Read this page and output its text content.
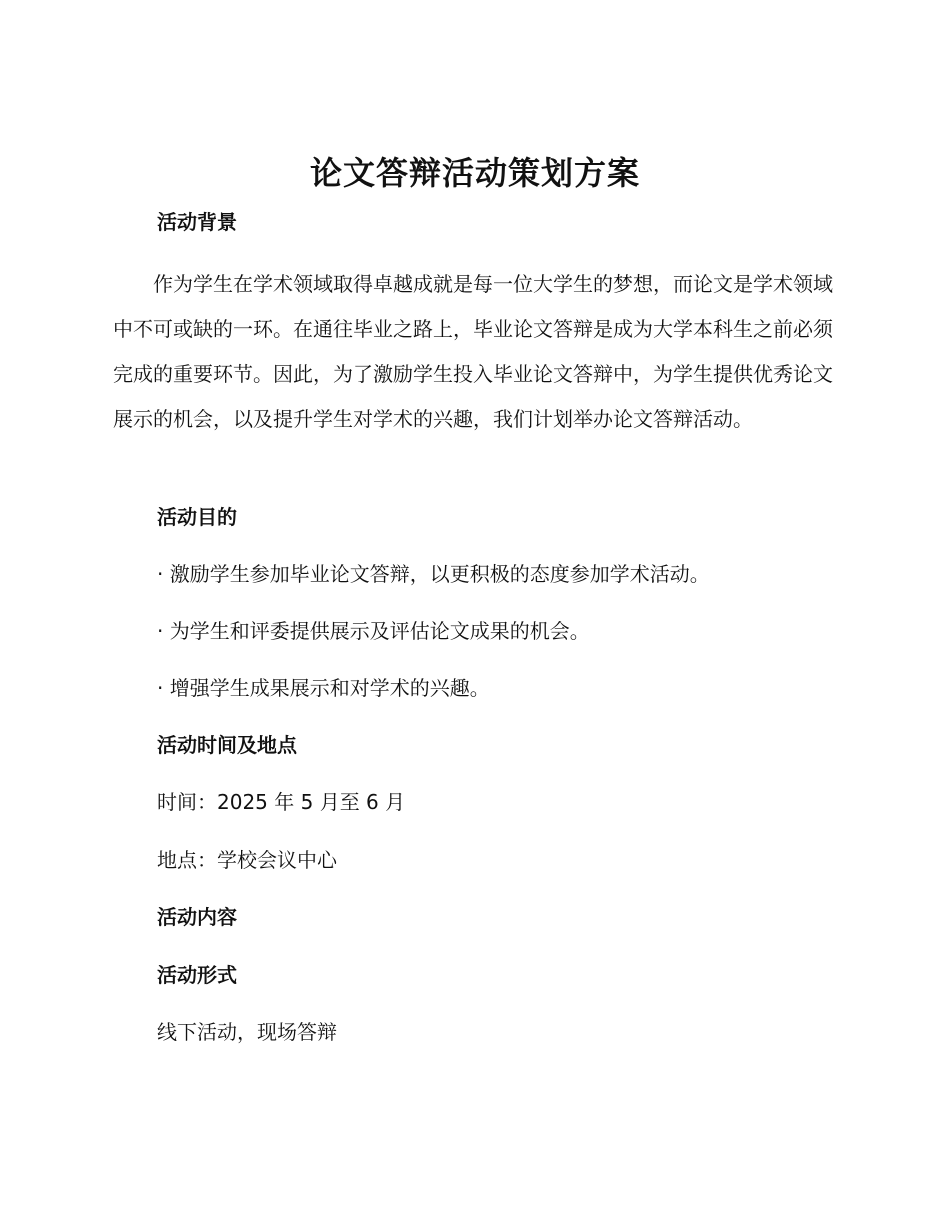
论文答辩活动策划方案
活动背景

作为学生在学术领域取得卓越成就是每一位大学生的梦想，而论文是学术领域中不可或缺的一环。在通往毕业之路上，毕业论文答辩是成为大学本科生之前必须完成的重要环节。因此，为了激励学生投入毕业论文答辩中，为学生提供优秀论文展示的机会，以及提升学生对学术的兴趣，我们计划举办论文答辩活动。

活动目的

· 激励学生参加毕业论文答辩，以更积极的态度参加学术活动。

· 为学生和评委提供展示及评估论文成果的机会。

· 增强学生成果展示和对学术的兴趣。

活动时间及地点

时间：2025 年 5 月至 6 月

地点：学校会议中心

活动内容
活动形式

线下活动，现场答辩
